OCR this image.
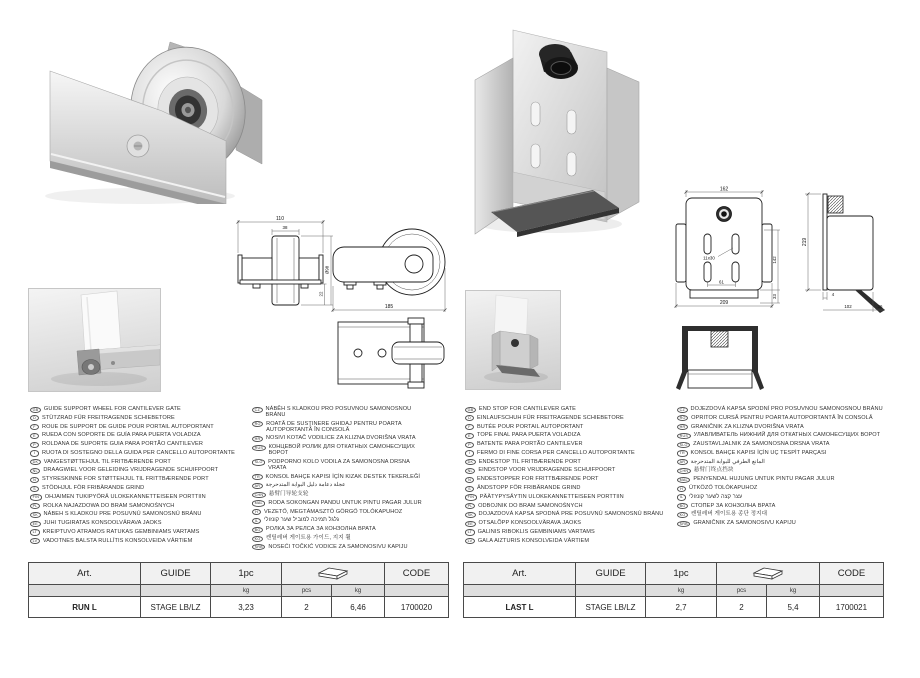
110
38
Ø98
22
185
GB GUIDE SUPPORT WHEEL FOR CANTILEVER GATE
D	STÜTZRAD FÜR FREITRAGENDE SCHIEBETORE
F	ROUE DE SUPPORT DE GUIDE POUR PORTAIL AUTOPORTANT
E	RUEDA CON SOPORTE DE GUÍA PARA PUERTA VOLADIZA
P	ROLDANA DE SUPORTE GUIA PARA PORTÃO CANTILEVER
I	RUOTA DI SOSTEGNO DELLA GUIDA PER CANCELLO AUTOPORTANTE
DK VANGESTØTTEHJUL TIL FRITBÆRENDE PORT
NL DRAAGWIEL VOOR GELEIDING VRIJDRAGENDE SCHUIFPOORT
N	STYRESKINNE FOR STØTTEHJUL TIL FRITTBÆRENDE PORT
S	STÖDHJUL FÖR FRIBÄRANDE GRIND
FIN OHJAIMEN TUKIPYÖRÄ ULOKEKANNETTEISEEN PORTTIIN
PL ROLKA NAJAZDOWA DO BRAM SAMONOŚNYCH
SK NÁBEH S KLADKOU PRE POSUVNÚ SAMONOSNÚ BRÁNU
EE JUHI TUGIRATAS KONSOOLVÄRAVA JAOKS
LT KREIPTUVO ATRAMOS RATUKAS GEMBINIAMS VARTAMS
LV VADOTNES BALSTA RULLĪTIS KONSOLVEIDA VĀRTIEM
CZ NÁBĚH S KLADKOU PRO POSUVNOU SAMONOSNOU BRÁNU
RO ROATĂ DE SUSŢINERE GHIDAJ PENTRU POARTA AUTOPORTANTĂ ÎN CONSOLĂ
HR NOSIVI KOTAČ VODILICE ZA KLIZNA DVORIŠNA VRATA
RUS КОНЦЕВОЙ РОЛИК ДЛЯ ОТКАТНЫХ САМОНЕСУЩИХ ВОРОТ
SLO PODPORNO KOLO VODILA ZA SAMONOSNA DRSNA VRATA
TR KONSOL BAHÇE KAPISI İÇİN KIZAK DESTEK TEKERLEĞİ
AR عجلة دعامة دليل البوابة المتدحرجة
CHN 悬臂门导轮支轮
MAL RODA SOKONGAN PANDU UNTUK PINTU PAGAR JULUR
H	VEZETŐ, MEGTÁMASZTÓ GÖRGŐ TOLÓKAPUHOZ
IL	גלגל תמיכה למוביל שער קונזולי
BG РОЛКА ЗА РЕЛСА ЗА КОНЗОЛНА ВРАТА
KO 켄틸레버 게이트용 가이드, 지지 휠
SRB NOSEĆI TOČKIĆ VODICE ZA SAMONOSIVU KAPIJU
Art.	GUIDE	1pc			CODE
		kg	pcs	kg	
RUN L	STAGE LB/LZ	3,23	2	6,46	1700020
11x30
61
162
142
33
209
219
4
102	36
GB END STOP FOR CANTILEVER GATE
D	EINLAUFSCHUH FÜR FREITRAGENDE SCHIEBETORE
F	BUTÉE POUR PORTAIL AUTOPORTANT
E	TOPE FINAL PARA PUERTA VOLADIZA
P	BATENTE PARA PORTÃO CANTILEVER
I	FERMO DI FINE CORSA PER CANCELLO AUTOPORTANTE
DK ENDESTOP TIL FRITBÆRENDE PORT
NL EINDSTOP VOOR VRIJDRAGENDE SCHUIFPOORT
N	ENDESTOPPER FOR FRITTBÆRENDE PORT
S	ÄNDSTOPP FÖR FRIBÄRANDE GRIND
FIN PÄÄTYPYSÄYTIN ULOKEKANNETTEISEEN PORTTIIN
PL ODBOJNIK DO BRAM SAMONOŚNYCH
SK DOJAZDOVÁ KAPSA SPODNÁ PRE POSUVNÚ SAMONOSNÚ BRÁNU
EE OTSALÕPP KONSOOLVÄRAVA JAOKS
LT GALINIS RIBOKLIS GEMBINIAMS VARTAMS
LV GALA AIZTURIS KONSOLVEIDA VĀRTIEM
CZ DOJEZDOVÁ KAPSA SPODNÍ PRO POSUVNOU SAMONOSNOU BRÁNU
RO OPRITOR CURSĂ PENTRU POARTA AUTOPORTANTĂ ÎN CONSOLĂ
HR GRANIČNIK ZA KLIZNA DVORIŠNA VRATA
RUS УЛАВЛИВАТЕЛЬ НИЖНИЙ ДЛЯ ОТКАТНЫХ САМОНЕСУЩИХ ВОРОТ
SLO ZAUSTAVLJALNIK ZA SAMONOSNA DRSNA VRATA
TR KONSOL BAHÇE KAPISI İÇİN UÇ TESPİT PARÇASI
AR المانع الطرفي للبوابة المتدحرجة
CHN 悬臂门终点挡块
MAL PENYENDAL HUJUNG UNTUK PINTU PAGAR JULUR
H	ÜTKÖZŐ TOLÓKAPUHOZ
IL	עצר קצה לשער קונזולי
BG СТОПЕР ЗА КОНЗОЛНА ВРАТА
KO 켄틸레버 게이트용 종단 정지대
SRB GRANIČNIK ZA SAMONOSIVU KAPIJU
Art.	GUIDE	1pc			CODE
		kg	pcs	kg	
LAST L	STAGE LB/LZ	2,7	2	5,4	1700021
